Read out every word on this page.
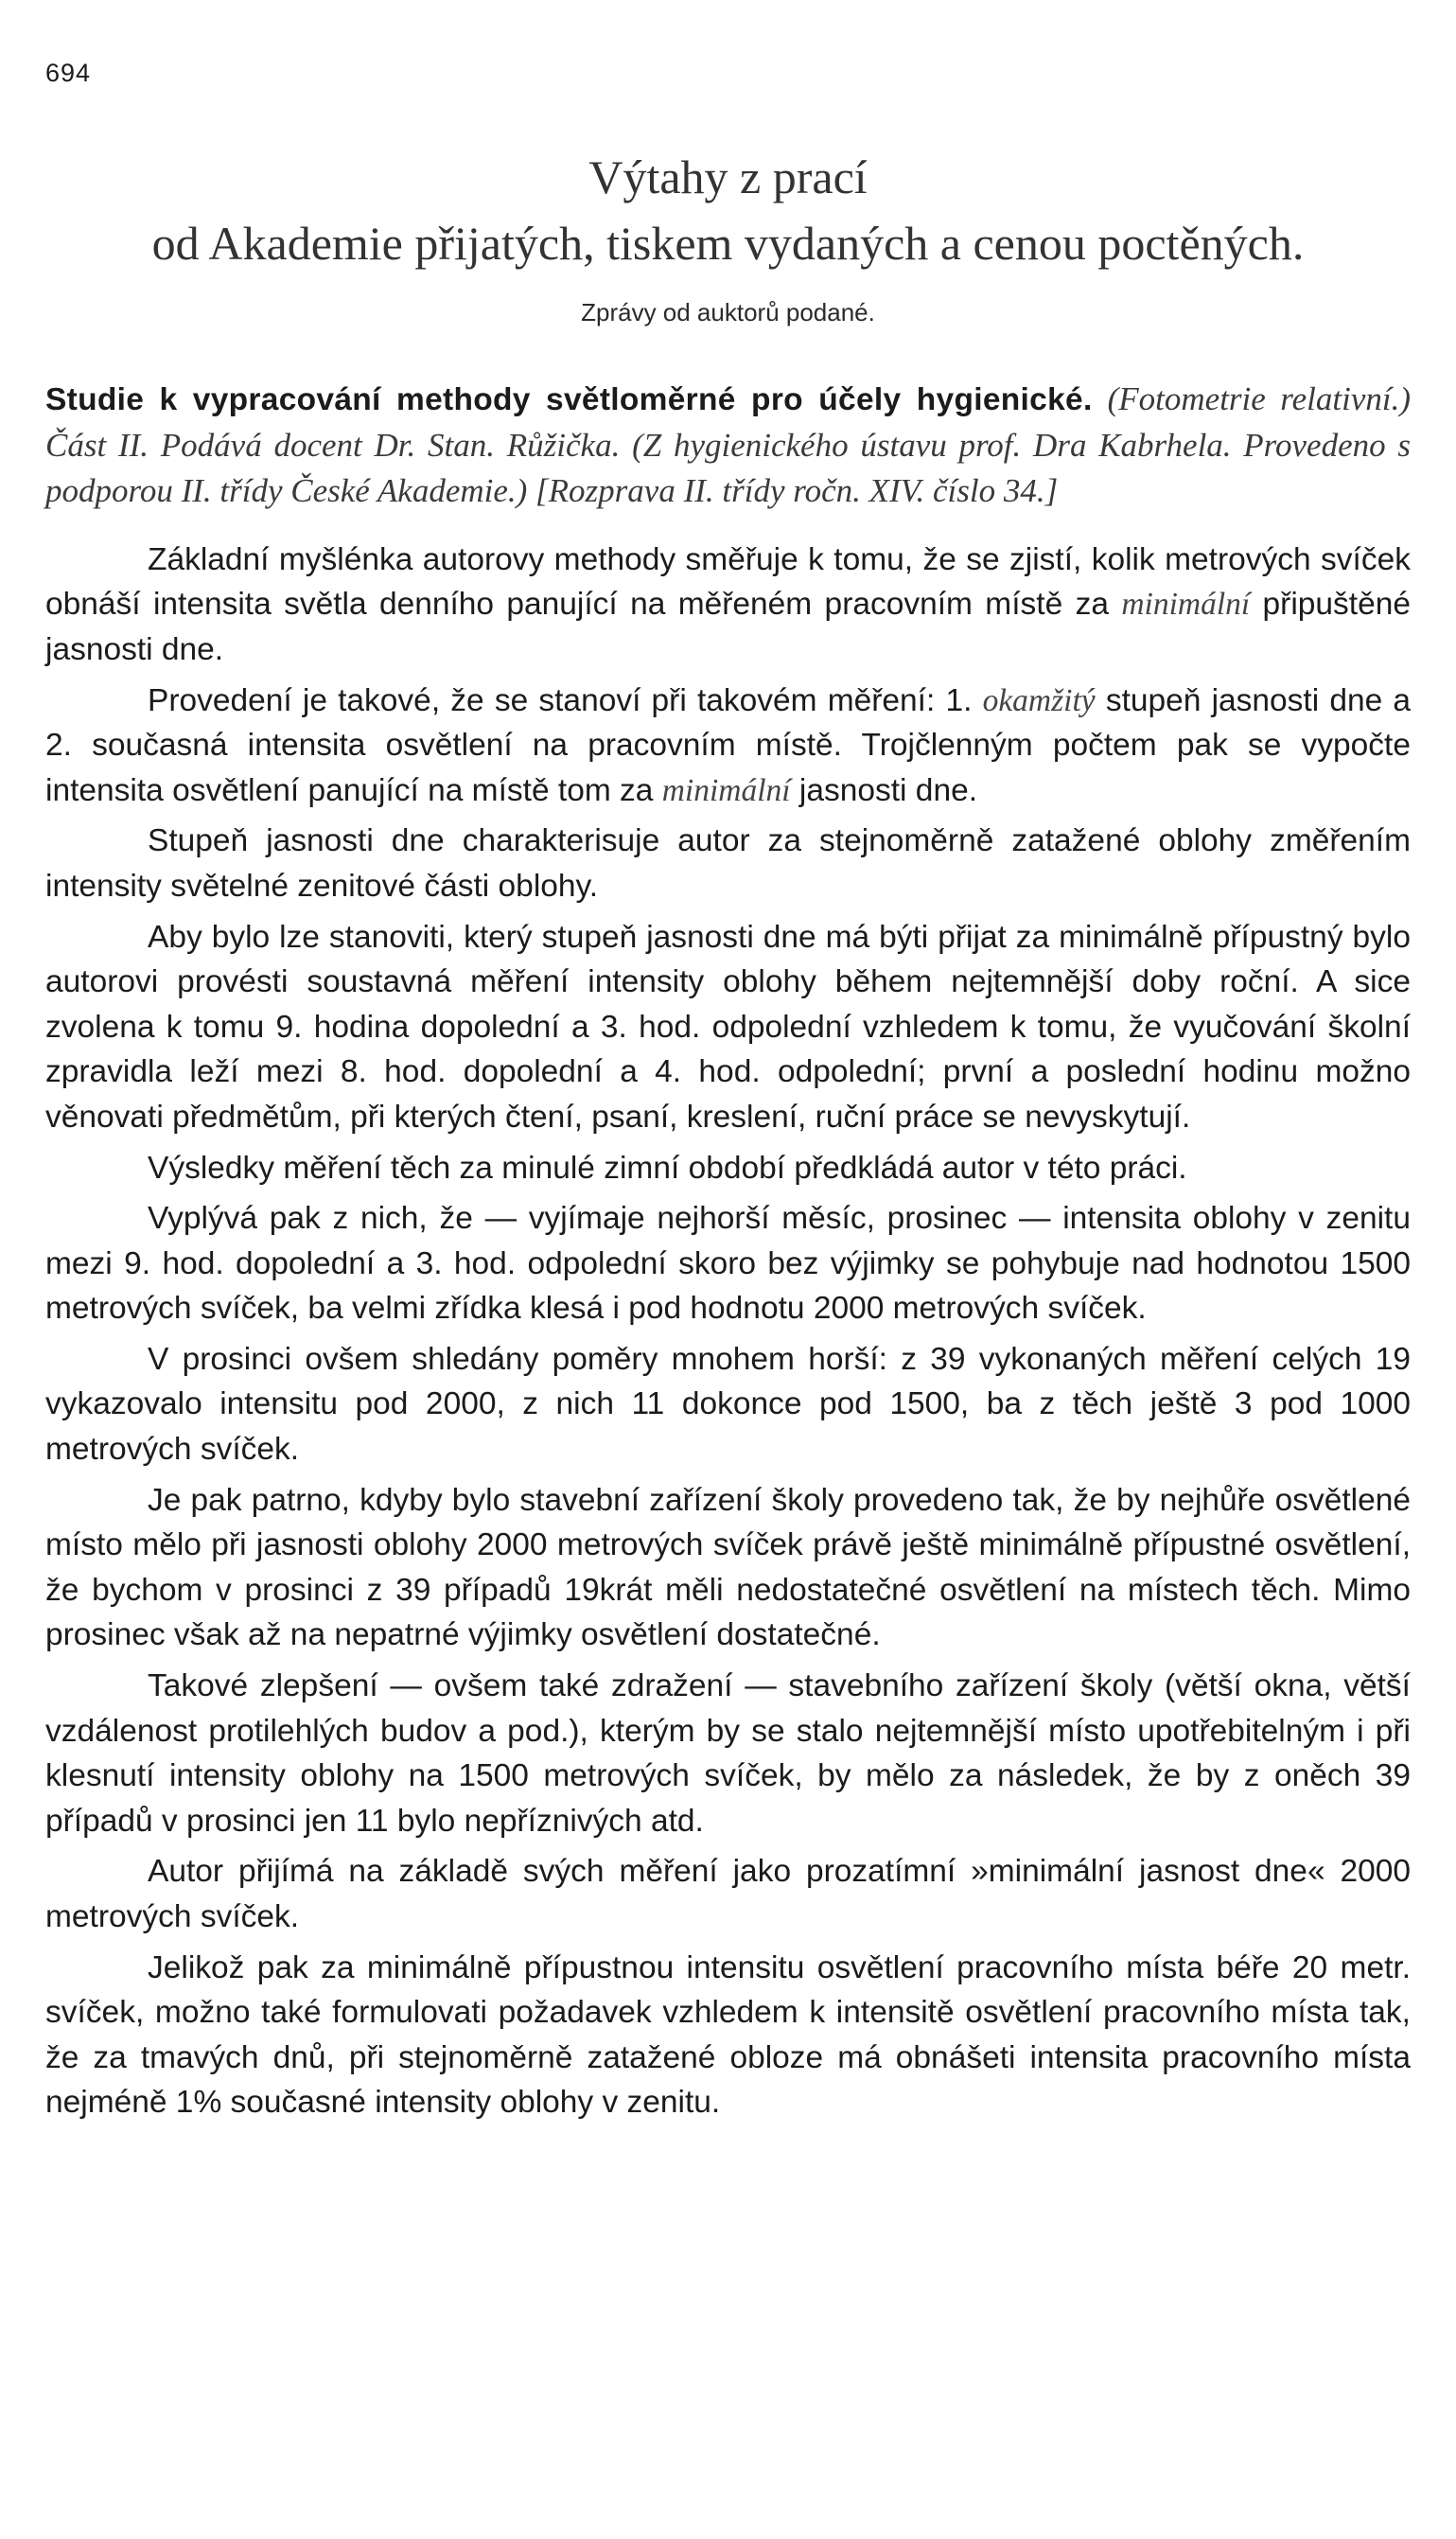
694
Výtahy z prací
od Akademie přijatých, tiskem vydaných a cenou poctěných.
Zprávy od auktorů podané.

Studie k vypracování methody světloměrné pro účely hygienické. (Fotometrie relativní.) Část II. Podává docent Dr. Stan. Růžička. (Z hygienického ústavu prof. Dra Kabrhela. Provedeno s podporou II. třídy České Akademie.) [Rozprava II. třídy ročn. XIV. číslo 34.]

Základní myšlénka autorovy methody směřuje k tomu, že se zjistí, kolik metrových svíček obnáší intensita světla denního panující na měřeném pracovním místě za minimální připuštěné jasnosti dne.

Provedení je takové, že se stanoví při takovém měření: 1. okamžitý stupeň jasnosti dne a 2. současná intensita osvětlení na pracovním místě. Trojčlenným počtem pak se vypočte intensita osvětlení panující na místě tom za minimální jasnosti dne.

Stupeň jasnosti dne charakterisuje autor za stejnoměrně zatažené oblohy změřením intensity světelné zenitové části oblohy.

Aby bylo lze stanoviti, který stupeň jasnosti dne má býti přijat za minimálně přípustný bylo autorovi provésti soustavná měření intensity oblohy během nejtemnější doby roční. A sice zvolena k tomu 9. hodina dopolední a 3. hod. odpolední vzhledem k tomu, že vyučování školní zpravidla leží mezi 8. hod. dopolední a 4. hod. odpolední; první a poslední hodinu možno věnovati předmětům, při kterých čtení, psaní, kreslení, ruční práce se nevyskytují.

Výsledky měření těch za minulé zimní období předkládá autor v této práci.

Vyplývá pak z nich, že — vyjímaje nejhorší měsíc, prosinec — intensita oblohy v zenitu mezi 9. hod. dopolední a 3. hod. odpolední skoro bez výjimky se pohybuje nad hodnotou 1500 metrových svíček, ba velmi zřídka klesá i pod hodnotu 2000 metrových svíček.

V prosinci ovšem shledány poměry mnohem horší: z 39 vykonaných měření celých 19 vykazovalo intensitu pod 2000, z nich 11 dokonce pod 1500, ba z těch ještě 3 pod 1000 metrových svíček.

Je pak patrno, kdyby bylo stavební zařízení školy provedeno tak, že by nejhůře osvětlené místo mělo při jasnosti oblohy 2000 metrových svíček právě ještě minimálně přípustné osvětlení, že bychom v prosinci z 39 případů 19krát měli nedostatečné osvětlení na místech těch. Mimo prosinec však až na nepatrné výjimky osvětlení dostatečné.

Takové zlepšení — ovšem také zdražení — stavebního zařízení školy (větší okna, větší vzdálenost protilehlých budov a pod.), kterým by se stalo nejtemnější místo upotřebitelným i při klesnutí intensity oblohy na 1500 metrových svíček, by mělo za následek, že by z oněch 39 případů v prosinci jen 11 bylo nepříznivých atd.

Autor přijímá na základě svých měření jako prozatímní »minimální jasnost dne« 2000 metrových svíček.

Jelikož pak za minimálně přípustnou intensitu osvětlení pracovního místa béře 20 metr. svíček, možno také formulovati požadavek vzhledem k intensitě osvětlení pracovního místa tak, že za tmavých dnů, při stejnoměrně zatažené obloze má obnášeti intensita pracovního místa nejméně 1% současné intensity oblohy v zenitu.
